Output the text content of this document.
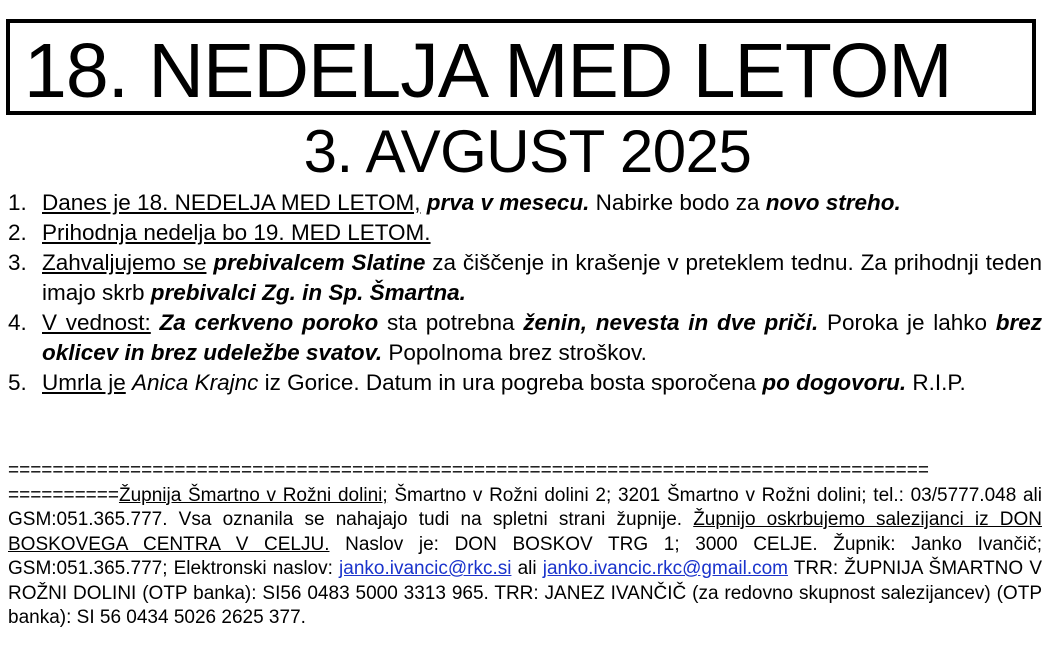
18. NEDELJA MED LETOM
3. AVGUST 2025
1. Danes je 18. NEDELJA MED LETOM, prva v mesecu. Nabirke bodo za novo streho.
2. Prihodnja nedelja bo 19. MED LETOM.
3. Zahvaljujemo se prebivalcem Slatine za čiščenje in krašenje v preteklem tednu. Za prihodnji teden imajo skrb prebivalci Zg. in Sp. Šmartna.
4. V vednost: Za cerkveno poroko sta potrebna ženin, nevesta in dve priči. Poroka je lahko brez oklicev in brez udeležbe svatov. Popolnoma brez stroškov.
5. Umrla je Anica Krajnc iz Gorice. Datum in ura pogreba bosta sporočena po dogovoru. R.I.P.
===================================================================================
==========Župnija Šmartno v Rožni dolini; Šmartno v Rožni dolini 2; 3201 Šmartno v Rožni dolini; tel.: 03/5777.048 ali GSM:051.365.777. Vsa oznanila se nahajajo tudi na spletni strani župnije. Župnijo oskrbujemo salezijanci iz DON BOSKOVEGA CENTRA V CELJU. Naslov je: DON BOSKOV TRG 1; 3000 CELJE. Župnik: Janko Ivančič; GSM:051.365.777; Elektronski naslov: janko.ivancic@rkc.si ali janko.ivancic.rkc@gmail.com TRR: ŽUPNIJA ŠMARTNO V ROŽNI DOLINI (OTP banka): SI56 0483 5000 3313 965. TRR: JANEZ IVANČIČ (za redovno skupnost salezijancev) (OTP banka): SI 56 0434 5026 2625 377.
